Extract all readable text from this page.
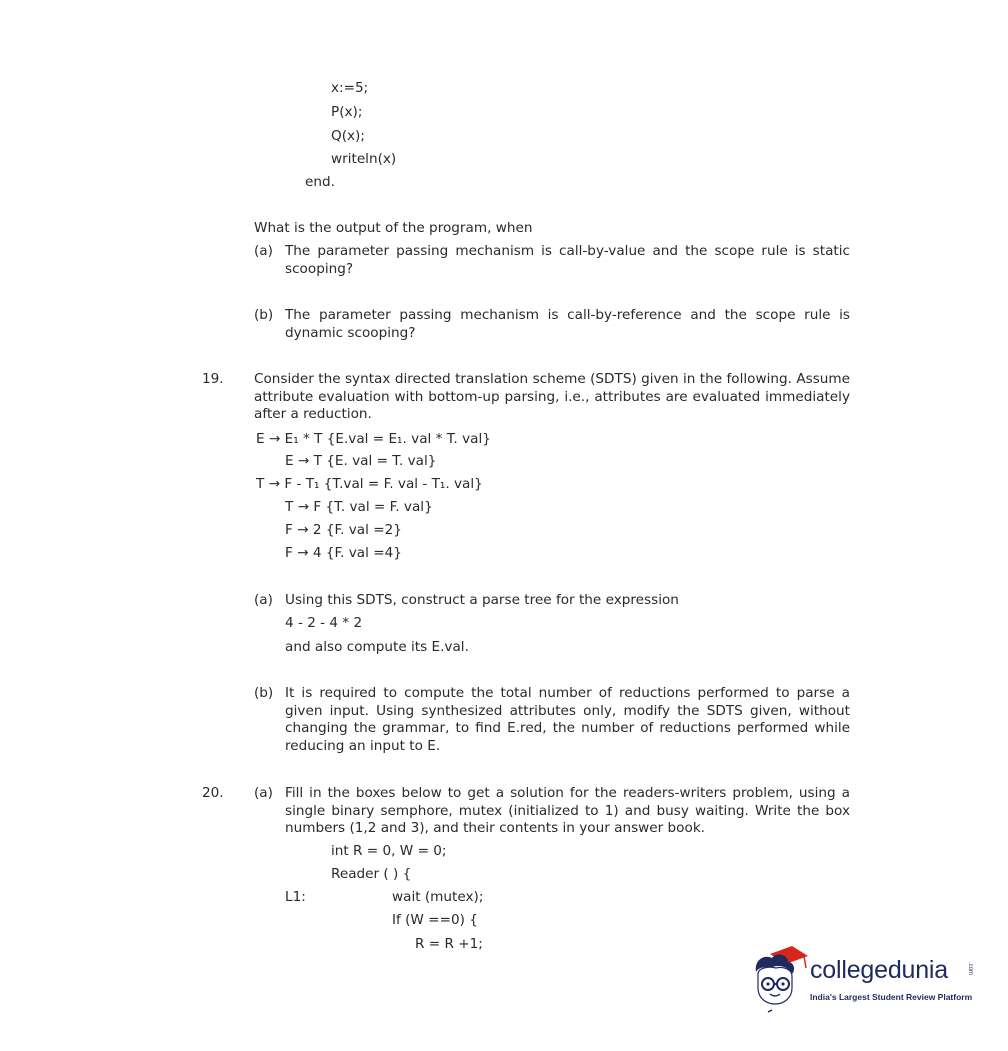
x:=5;
P(x);
Q(x);
writeln(x)
end.
What is the output of the program, when
(a) The parameter passing mechanism is call-by-value and the scope rule is static scooping?
(b) The parameter passing mechanism is call-by-reference and the scope rule is dynamic scooping?
19. Consider the syntax directed translation scheme (SDTS) given in the following. Assume attribute evaluation with bottom-up parsing, i.e., attributes are evaluated immediately after a reduction.
E → E₁ * T {E.val = E₁. val * T. val}
E → T {E. val = T. val}
T → F - T₁ {T.val = F. val - T₁. val}
T → F {T. val = F. val}
F → 2 {F. val =2}
F → 4 {F. val =4}
(a) Using this SDTS, construct a parse tree for the expression
4 - 2 - 4 * 2
and also compute its E.val.
(b) It is required to compute the total number of reductions performed to parse a given input. Using synthesized attributes only, modify the SDTS given, without changing the grammar, to find E.red, the number of reductions performed while reducing an input to E.
20. (a) Fill in the boxes below to get a solution for the readers-writers problem, using a single binary semphore, mutex (initialized to 1) and busy waiting. Write the box numbers (1,2 and 3), and their contents in your answer book.
int R = 0, W = 0;
Reader ( ) {
L1:	wait (mutex);
If (W ==0) {
R = R +1;
collegedunia	.com
India's Largest Student Review Platform
